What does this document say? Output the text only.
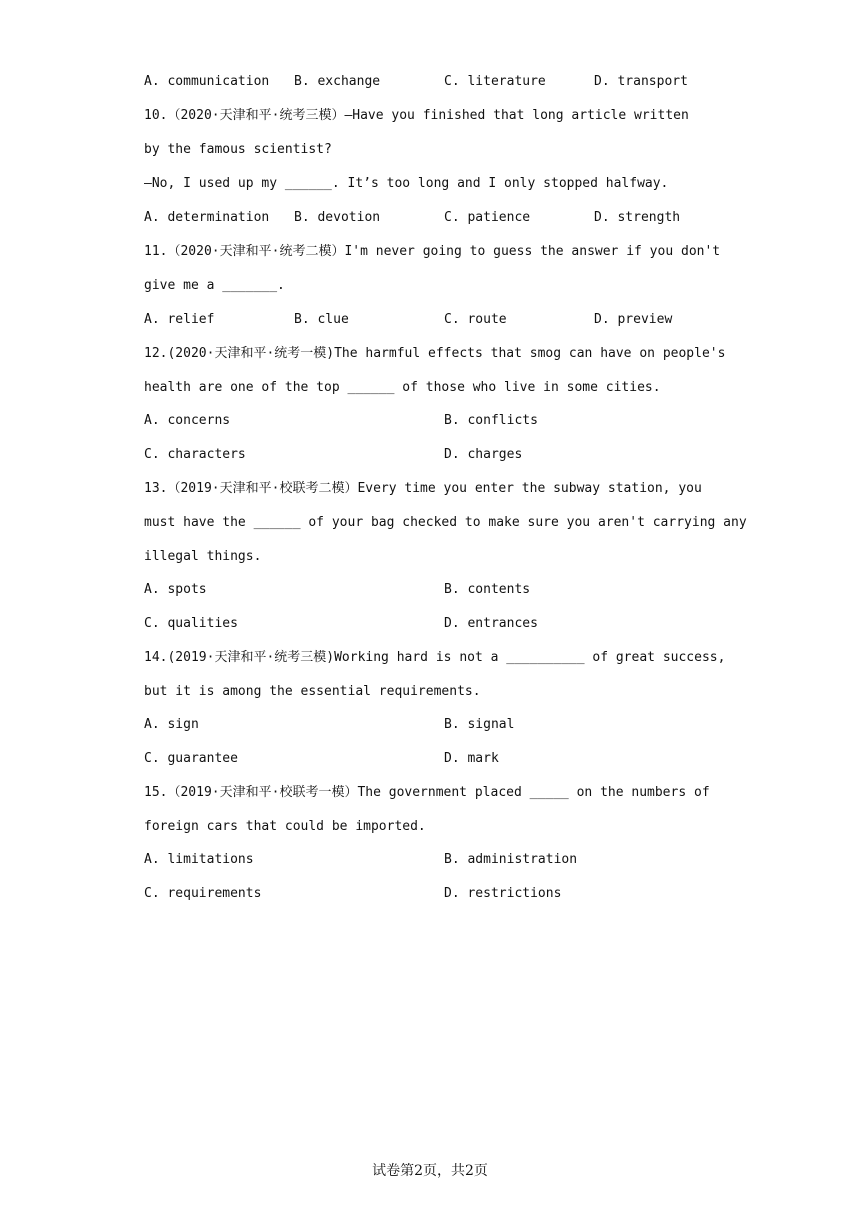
A. communication B. exchange	C. literature	D. transport
10.（2020·天津和平·统考三模）—Have you finished that long article written
by the famous scientist?
—No, I used up my ______. It’s too long and I only stopped halfway.
A. determination B. devotion	C. patience	D. strength
11.（2020·天津和平·统考二模）I'm never going to guess the answer if you don't
give me a _______.
A. relief	B. clue	C. route	D. preview
12.(2020·天津和平·统考一模)The harmful effects that smog can have on people's
health are one of the top ______ of those who live in some cities.
A. concerns	B. conflicts
C. characters	D. charges
13.（2019·天津和平·校联考二模）Every time you enter the subway station, you
must have the ______ of your bag checked to make sure you aren't carrying any
illegal things.
A. spots	B. contents
C. qualities	D. entrances
14.(2019·天津和平·统考三模)Working hard is not a __________ of great success,
but it is among the essential requirements.
A. sign	B. signal
C. guarantee	D. mark
15.（2019·天津和平·校联考一模）The government placed _____ on the numbers of
foreign cars that could be imported.
A. limitations	B. administration
C. requirements	D. restrictions
试卷第2页，共2页
